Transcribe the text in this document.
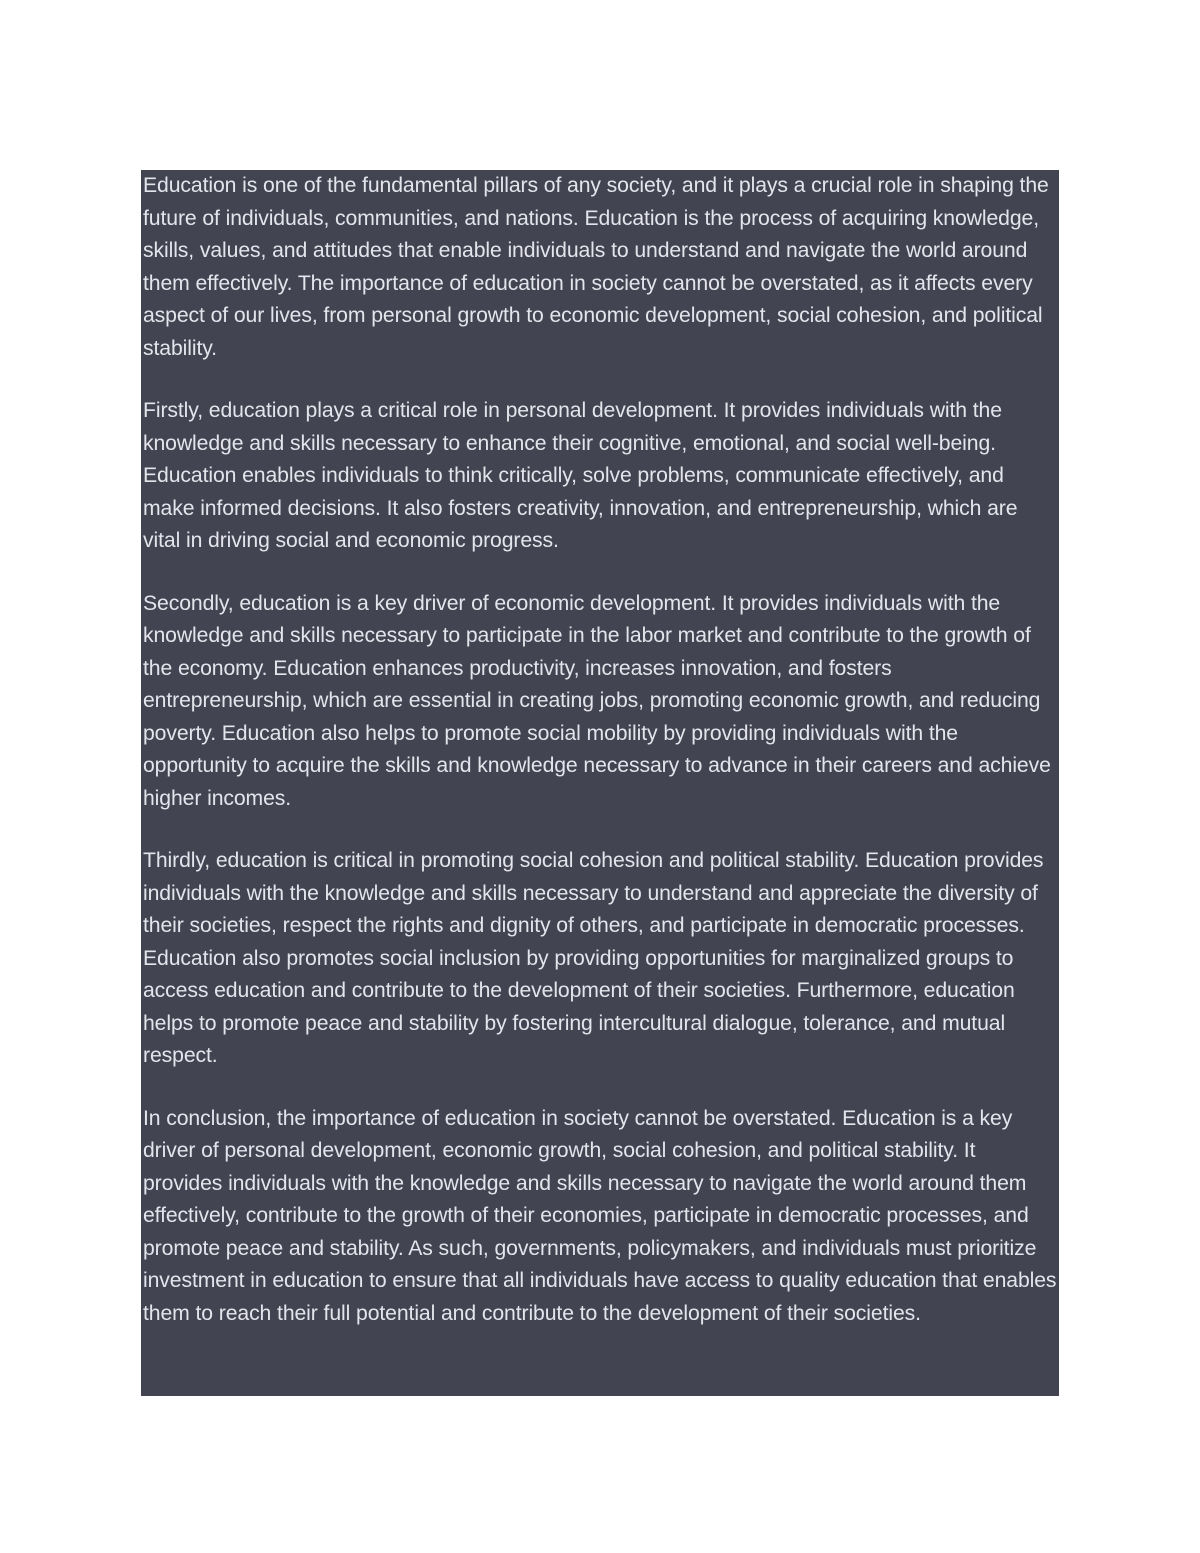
Education is one of the fundamental pillars of any society, and it plays a crucial role in shaping the future of individuals, communities, and nations. Education is the process of acquiring knowledge, skills, values, and attitudes that enable individuals to understand and navigate the world around them effectively. The importance of education in society cannot be overstated, as it affects every aspect of our lives, from personal growth to economic development, social cohesion, and political stability.

Firstly, education plays a critical role in personal development. It provides individuals with the knowledge and skills necessary to enhance their cognitive, emotional, and social well-being. Education enables individuals to think critically, solve problems, communicate effectively, and make informed decisions. It also fosters creativity, innovation, and entrepreneurship, which are vital in driving social and economic progress.

Secondly, education is a key driver of economic development. It provides individuals with the knowledge and skills necessary to participate in the labor market and contribute to the growth of the economy. Education enhances productivity, increases innovation, and fosters entrepreneurship, which are essential in creating jobs, promoting economic growth, and reducing poverty. Education also helps to promote social mobility by providing individuals with the opportunity to acquire the skills and knowledge necessary to advance in their careers and achieve higher incomes.

Thirdly, education is critical in promoting social cohesion and political stability. Education provides individuals with the knowledge and skills necessary to understand and appreciate the diversity of their societies, respect the rights and dignity of others, and participate in democratic processes. Education also promotes social inclusion by providing opportunities for marginalized groups to access education and contribute to the development of their societies. Furthermore, education helps to promote peace and stability by fostering intercultural dialogue, tolerance, and mutual respect.

In conclusion, the importance of education in society cannot be overstated. Education is a key driver of personal development, economic growth, social cohesion, and political stability. It provides individuals with the knowledge and skills necessary to navigate the world around them effectively, contribute to the growth of their economies, participate in democratic processes, and promote peace and stability. As such, governments, policymakers, and individuals must prioritize investment in education to ensure that all individuals have access to quality education that enables them to reach their full potential and contribute to the development of their societies.
